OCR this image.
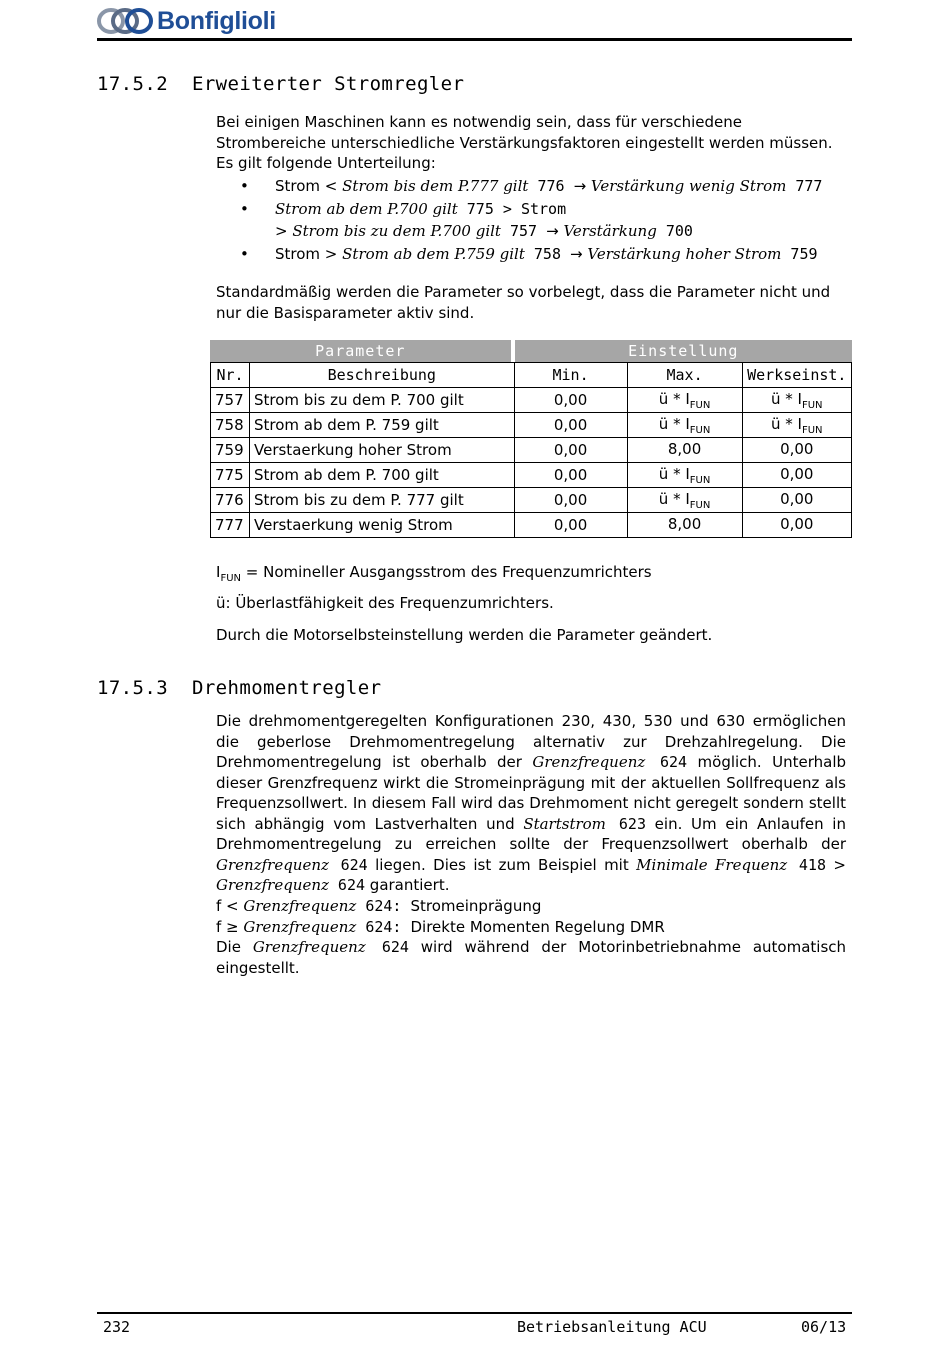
Bonfiglioli
17.5.2 Erweiterter Stromregler
Bei einigen Maschinen kann es notwendig sein, dass für verschiedene Strombereiche unterschiedliche Verstärkungsfaktoren eingestellt werden müssen.
Es gilt folgende Unterteilung:
• Strom < Strom bis dem P.777 gilt 776 → Verstärkung wenig Strom 777
• Strom ab dem P.700 gilt 775 > Strom
> Strom bis zu dem P.700 gilt 757 → Verstärkung 700
• Strom > Strom ab dem P.759 gilt 758 → Verstärkung hoher Strom 759
Standardmäßig werden die Parameter so vorbelegt, dass die Parameter nicht und nur die Basisparameter aktiv sind.
Parameter			Einstellung		
Nr.	Beschreibung		Min.	Max.	Werkseinst.
757	Strom bis zu dem P. 700 gilt		0,00	ü * $I_{FUN}$	ü * $I_{FUN}$
758	Strom ab dem P. 759 gilt		0,00	ü * $I_{FUN}$	ü * $I_{FUN}$
759	Verstaerkung hoher Strom		0,00	8,00	0,00
775	Strom ab dem P. 700 gilt		0,00	ü * $I_{FUN}$	0,00
776	Strom bis zu dem P. 777 gilt		0,00	ü * $I_{FUN}$	0,00
777	Verstaerkung wenig Strom		0,00	8,00	0,00
$I_{FUN}$ = Nomineller Ausgangsstrom des Frequenzumrichters
ü: Überlastfähigkeit des Frequenzumrichters.
Durch die Motorselbsteinstellung werden die Parameter geändert.
17.5.3 Drehmomentregler
Die drehmomentgeregelten Konfigurationen 230, 430, 530 und 630 ermöglichen die geberlose Drehmomentregelung alternativ zur Drehzahlregelung. Die Drehmomentregelung ist oberhalb der Grenzfrequenz 624 möglich. Unterhalb dieser Grenzfrequenz wirkt die Stromeinprägung mit der aktuellen Sollfrequenz als Frequenzsollwert. In diesem Fall wird das Drehmoment nicht geregelt sondern stellt sich abhängig vom Lastverhalten und Startstrom 623 ein. Um ein Anlaufen in Drehmomentregelung zu erreichen sollte der Frequenzsollwert oberhalb der Grenzfrequenz 624 liegen. Dies ist zum Beispiel mit Minimale Frequenz 418 > Grenzfrequenz 624 garantiert.
f < Grenzfrequenz 624: Stromeinprägung
f ≥ Grenzfrequenz 624: Direkte Momenten Regelung DMR
Die Grenzfrequenz 624 wird während der Motorinbetriebnahme automatisch eingestellt.
232	Betriebsanleitung ACU	06/13
